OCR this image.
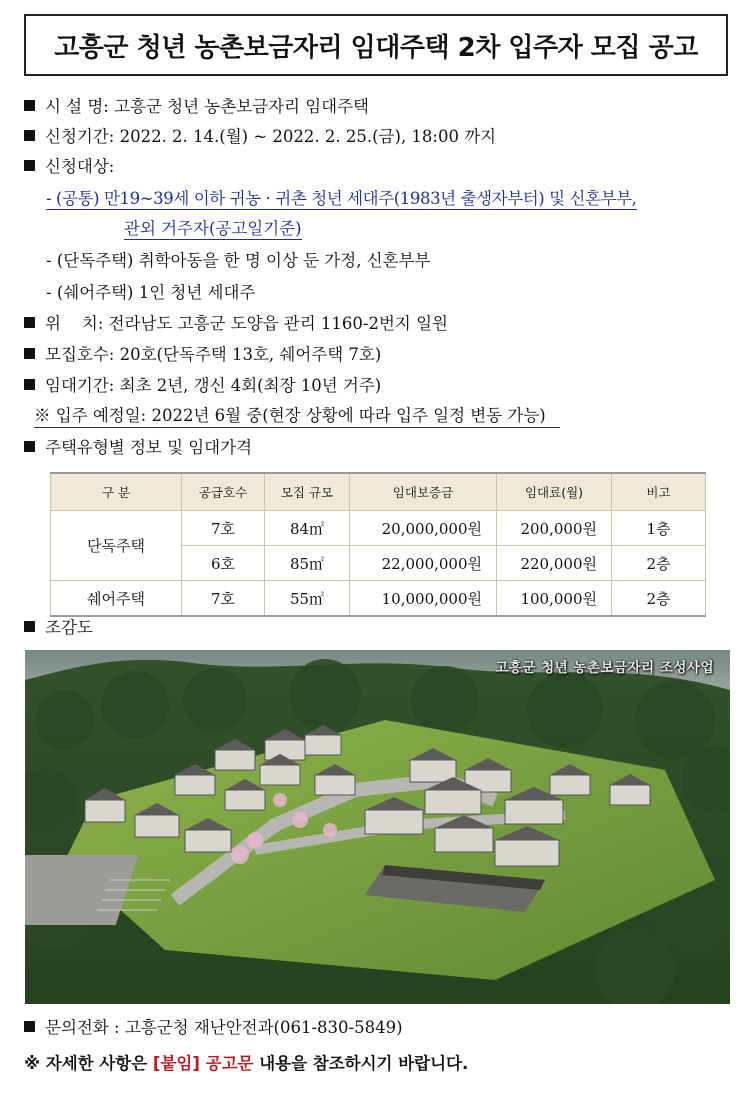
고흥군 청년 농촌보금자리 임대주택 2차 입주자 모집 공고
시 설 명: 고흥군 청년 농촌보금자리 임대주택
신청기간: 2022. 2. 14.(월) ~ 2022. 2. 25.(금), 18:00 까지
신청대상:
- (공통) 만19~39세 이하 귀농 · 귀촌 청년 세대주(1983년 출생자부터) 및 신혼부부,
관외 거주자(공고일기준)
- (단독주택) 취학아동을 한 명 이상 둔 가정, 신혼부부
- (쉐어주택) 1인 청년 세대주
위    치: 전라남도 고흥군 도양읍 관리 1160-2번지 일원
모집호수: 20호(단독주택 13호, 쉐어주택 7호)
임대기간: 최초 2년, 갱신 4회(최장 10년 거주)
※ 입주 예정일: 2022년 6월 중(현장 상황에 따라 입주 일정 변동 가능)
주택유형별 정보 및 임대가격
구 분	공급호수	모집 규모	임대보증금	임대료(월)	비고
단독주택	7호	84㎡	20,000,000원	200,000원	1층
	6호	85㎡	22,000,000원	220,000원	2층
쉐어주택	7호	55㎡	10,000,000원	100,000원	2층
조감도
고흥군 청년 농촌보금자리 조성사업
문의전화 : 고흥군청 재난안전과(061-830-5849)
※ 자세한 사항은 [붙임] 공고문 내용을 참조하시기 바랍니다.
